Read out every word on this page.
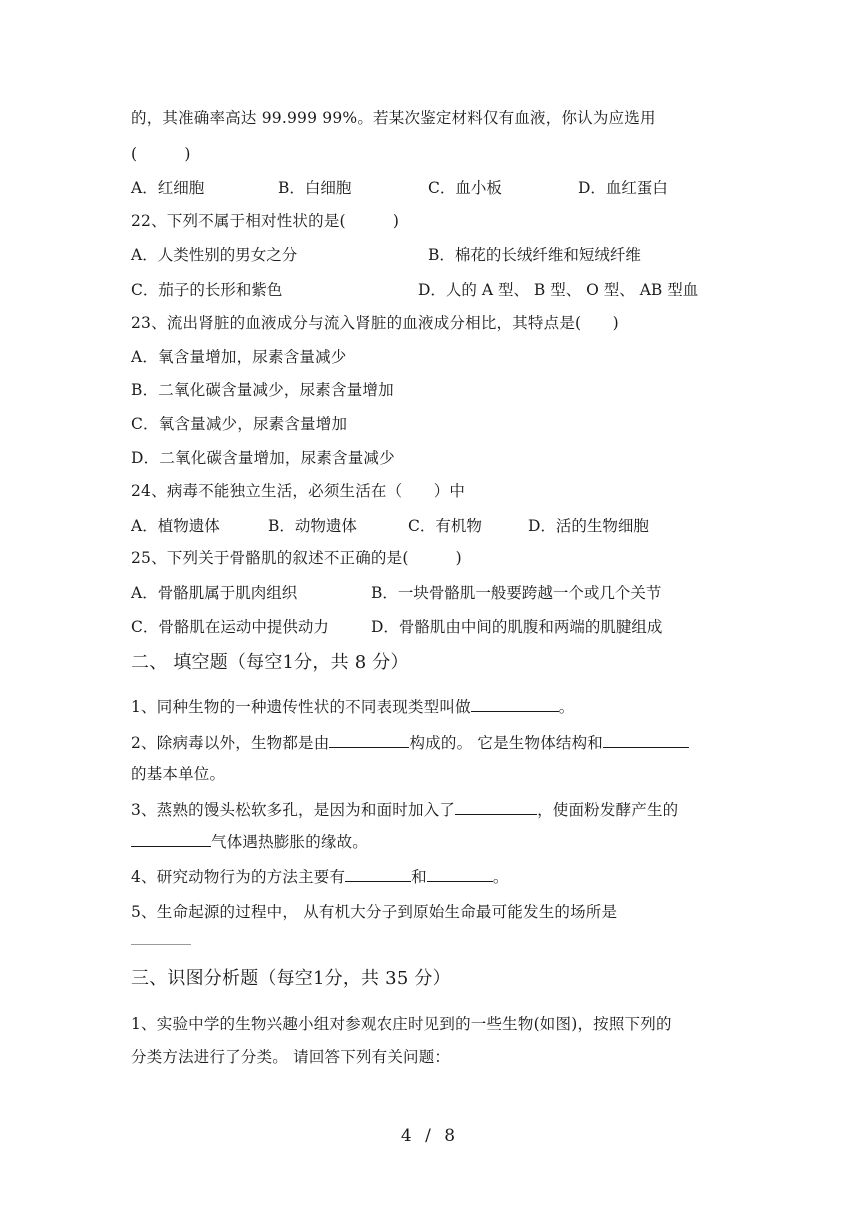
的，其准确率高达 99.999 99%。若某次鉴定材料仅有血液，你认为应选用
(　　　)
A．红细胞	B．白细胞	C．血小板	D．血红蛋白
22、下列不属于相对性状的是(　　　)
A．人类性别的男女之分	B．棉花的长绒纤维和短绒纤维
C．茄子的长形和紫色	D．人的 A 型、 B 型、 O 型、 AB 型血
23、流出肾脏的血液成分与流入肾脏的血液成分相比，其特点是(　　)
A．氧含量增加，尿素含量减少
B．二氧化碳含量减少，尿素含量增加
C．氧含量减少，尿素含量增加
D．二氧化碳含量增加，尿素含量减少
24、病毒不能独立生活，必须生活在（　　）中
A．植物遗体	B．动物遗体	C．有机物	D．活的生物细胞
25、下列关于骨骼肌的叙述不正确的是(　　　)
A．骨骼肌属于肌肉组织	B．一块骨骼肌一般要跨越一个或几个关节
C．骨骼肌在运动中提供动力	D．骨骼肌由中间的肌腹和两端的肌腱组成
二、 填空题（每空1分，共 8 分）
1、同种生物的一种遗传性状的不同表现类型叫做	。
2、除病毒以外，生物都是由	构成的。 它是生物体结构和
的基本单位。
3、蒸熟的馒头松软多孔，是因为和面时加入了	，使面粉发酵产生的
气体遇热膨胀的缘故。
4、研究动物行为的方法主要有	和	。
5、生命起源的过程中， 从有机大分子到原始生命最可能发生的场所是
三、识图分析题（每空1分，共 35 分）
1、实验中学的生物兴趣小组对参观农庄时见到的一些生物(如图)，按照下列的
分类方法进行了分类。 请回答下列有关问题：
4 / 8
